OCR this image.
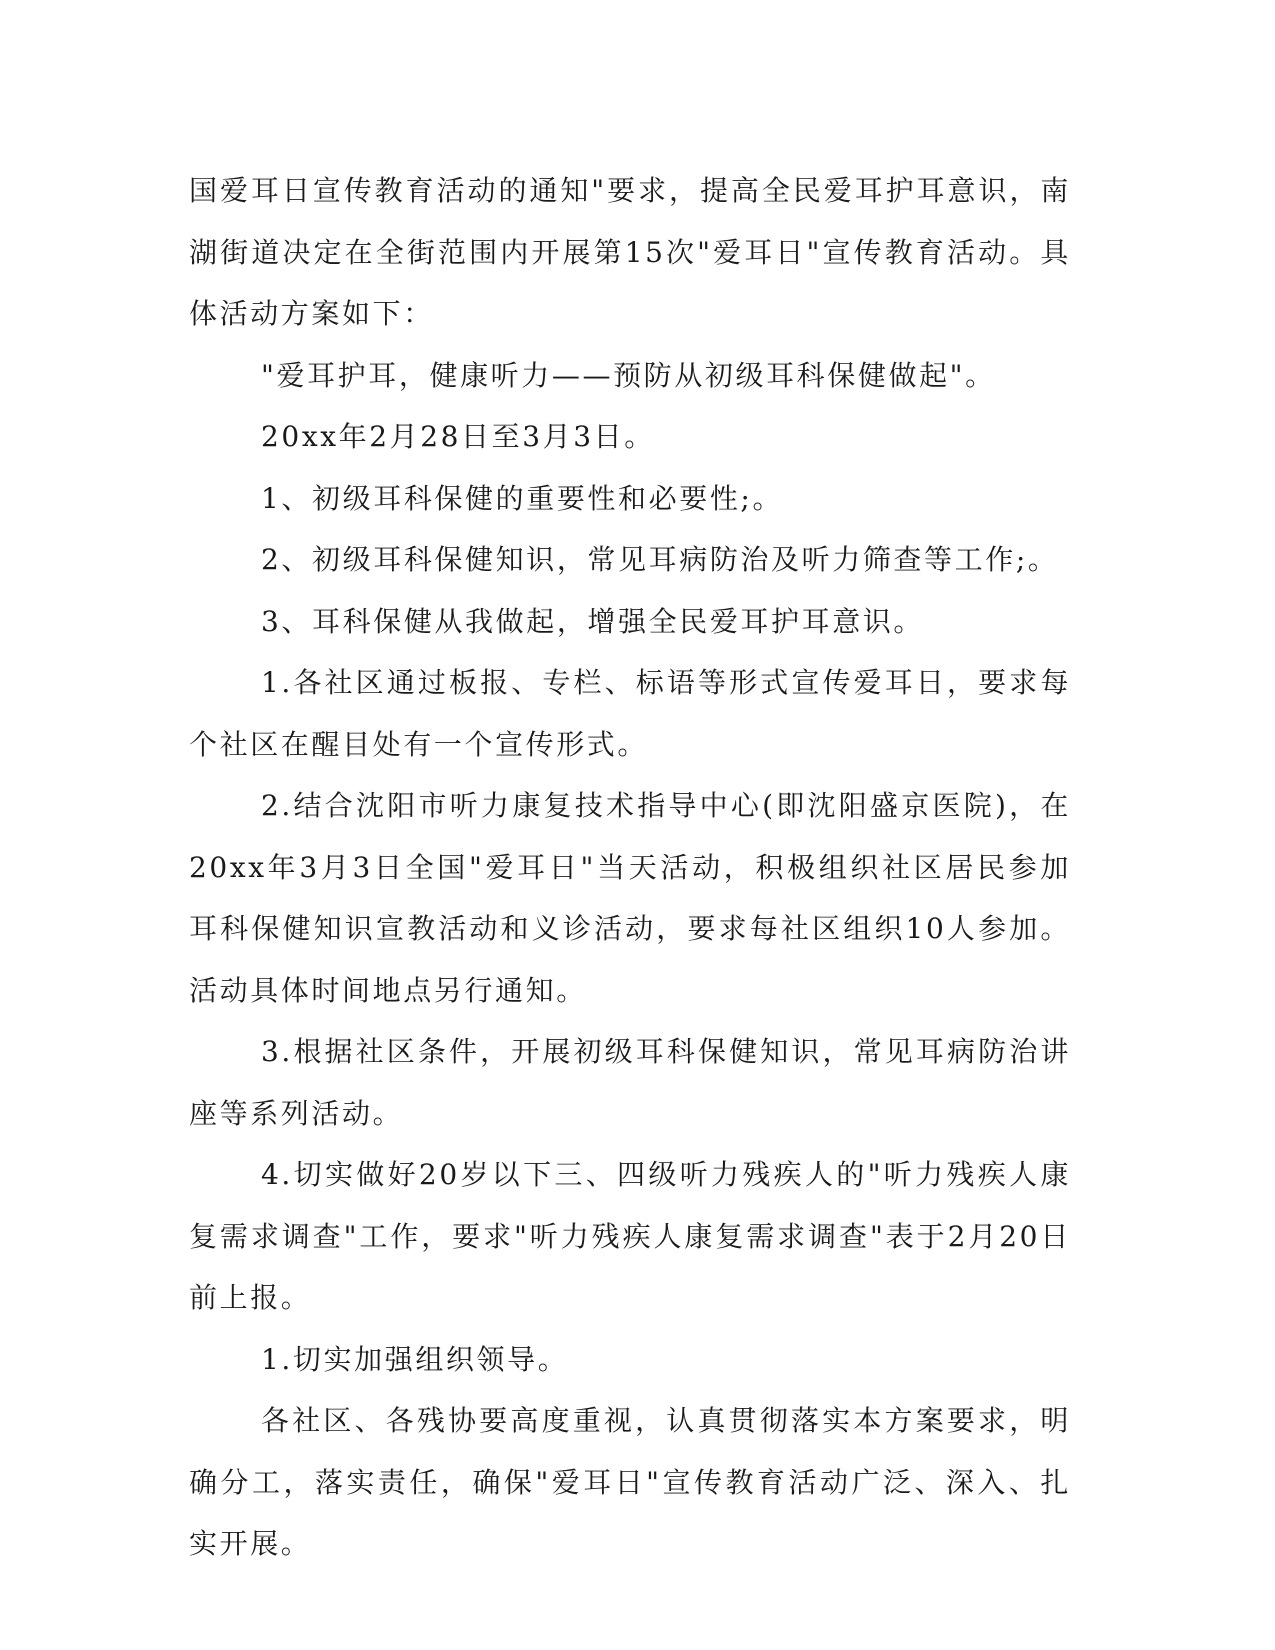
国爱耳日宣传教育活动的通知"要求，提高全民爱耳护耳意识，南湖街道决定在全街范围内开展第15次"爱耳日"宣传教育活动。具体活动方案如下：

"爱耳护耳，健康听力——预防从初级耳科保健做起"。

20xx年2月28日至3月3日。

1、初级耳科保健的重要性和必要性;。

2、初级耳科保健知识，常见耳病防治及听力筛查等工作;。

3、耳科保健从我做起，增强全民爱耳护耳意识。

1.各社区通过板报、专栏、标语等形式宣传爱耳日，要求每个社区在醒目处有一个宣传形式。

2.结合沈阳市听力康复技术指导中心(即沈阳盛京医院)，在20xx年3月3日全国"爱耳日"当天活动，积极组织社区居民参加耳科保健知识宣教活动和义诊活动，要求每社区组织10人参加。活动具体时间地点另行通知。

3.根据社区条件，开展初级耳科保健知识，常见耳病防治讲座等系列活动。

4.切实做好20岁以下三、四级听力残疾人的"听力残疾人康复需求调查"工作，要求"听力残疾人康复需求调查"表于2月20日前上报。

1.切实加强组织领导。

各社区、各残协要高度重视，认真贯彻落实本方案要求，明确分工，落实责任，确保"爱耳日"宣传教育活动广泛、深入、扎实开展。
